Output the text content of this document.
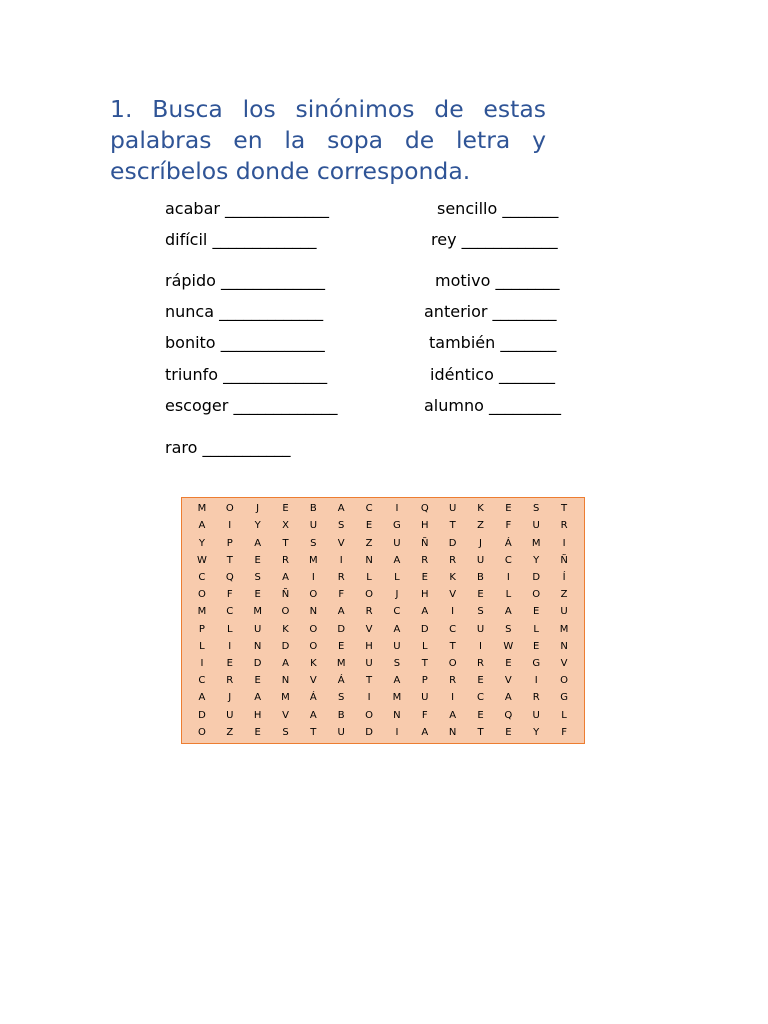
1. Busca los sinónimos de estas palabras en la sopa de letra y escríbelos donde corresponda.

acabar _____________	sencillo _______
difícil _____________	rey ____________
rápido _____________	motivo ________
nunca _____________	anterior ________
bonito _____________	también _______
triunfo _____________	idéntico _______
escoger _____________	alumno _________
raro ___________
M	O	J	E	B	A	C	I	Q	U	K	E	S	T
A	I	Y	X	U	S	E	G	H	T	Z	F	U	R
Y	P	A	T	S	V	Z	U	Ñ	D	J	Á	M	I
W	T	E	R	M	I	N	A	R	R	U	C	Y	Ñ
C	Q	S	A	I	R	L	L	E	K	B	I	D	Í
O	F	E	Ñ	O	F	O	J	H	V	E	L	O	Z
M	C	M	O	N	A	R	C	A	I	S	A	E	U
P	L	U	K	O	D	V	A	D	C	U	S	L	M
L	I	N	D	O	E	H	U	L	T	I	W	E	N
I	E	D	A	K	M	U	S	T	O	R	E	G	V
C	R	E	N	V	Á	T	A	P	R	E	V	I	O
A	J	A	M	Á	S	I	M	U	I	C	A	R	G
D	U	H	V	A	B	O	N	F	A	E	Q	U	L
O	Z	E	S	T	U	D	I	A	N	T	E	Y	F
